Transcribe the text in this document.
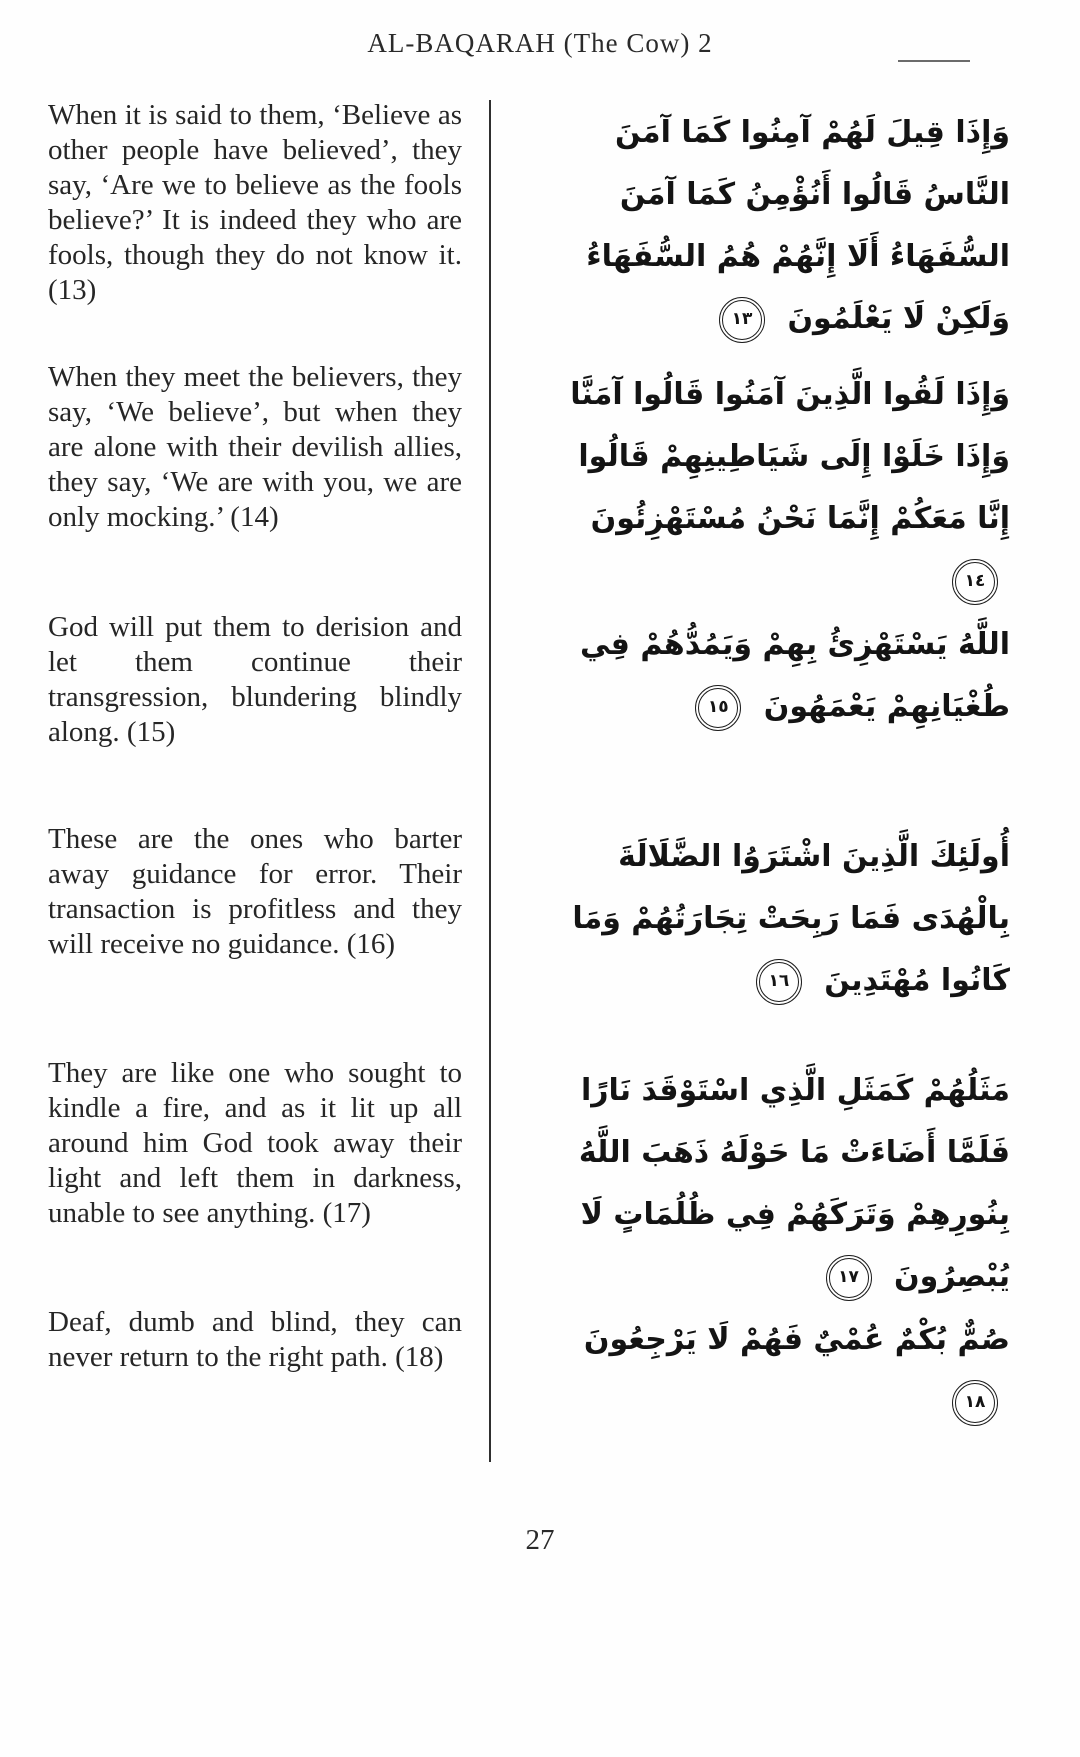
AL-BAQARAH (The Cow) 2

When it is said to them, ‘Believe as other people have believed’, they say, ‘Are we to believe as the fools believe?’ It is indeed they who are fools, though they do not know it. (13)

وَإِذَا قِيلَ لَهُمْ آمِنُوا كَمَا آمَنَ النَّاسُ قَالُوا أَنُؤْمِنُ كَمَا آمَنَ السُّفَهَاءُ أَلَا إِنَّهُمْ هُمُ السُّفَهَاءُ وَلَكِنْ لَا يَعْلَمُونَ ١٣

When they meet the believers, they say, ‘We believe’, but when they are alone with their devilish allies, they say, ‘We are with you, we are only mocking.’ (14)

وَإِذَا لَقُوا الَّذِينَ آمَنُوا قَالُوا آمَنَّا وَإِذَا خَلَوْا إِلَى شَيَاطِينِهِمْ قَالُوا إِنَّا مَعَكُمْ إِنَّمَا نَحْنُ مُسْتَهْزِئُونَ ١٤

God will put them to derision and let them continue their transgression, blundering blindly along. (15)

اللَّهُ يَسْتَهْزِئُ بِهِمْ وَيَمُدُّهُمْ فِي طُغْيَانِهِمْ يَعْمَهُونَ ١٥

These are the ones who barter away guidance for error. Their transaction is profitless and they will receive no guidance. (16)

أُولَئِكَ الَّذِينَ اشْتَرَوُا الضَّلَالَةَ بِالْهُدَى فَمَا رَبِحَتْ تِجَارَتُهُمْ وَمَا كَانُوا مُهْتَدِينَ ١٦

They are like one who sought to kindle a fire, and as it lit up all around him God took away their light and left them in darkness, unable to see anything. (17)

مَثَلُهُمْ كَمَثَلِ الَّذِي اسْتَوْقَدَ نَارًا فَلَمَّا أَضَاءَتْ مَا حَوْلَهُ ذَهَبَ اللَّهُ بِنُورِهِمْ وَتَرَكَهُمْ فِي ظُلُمَاتٍ لَا يُبْصِرُونَ ١٧

Deaf, dumb and blind, they can never return to the right path. (18)	صُمٌّ بُكْمٌ عُمْيٌ فَهُمْ لَا يَرْجِعُونَ ١٨

27
